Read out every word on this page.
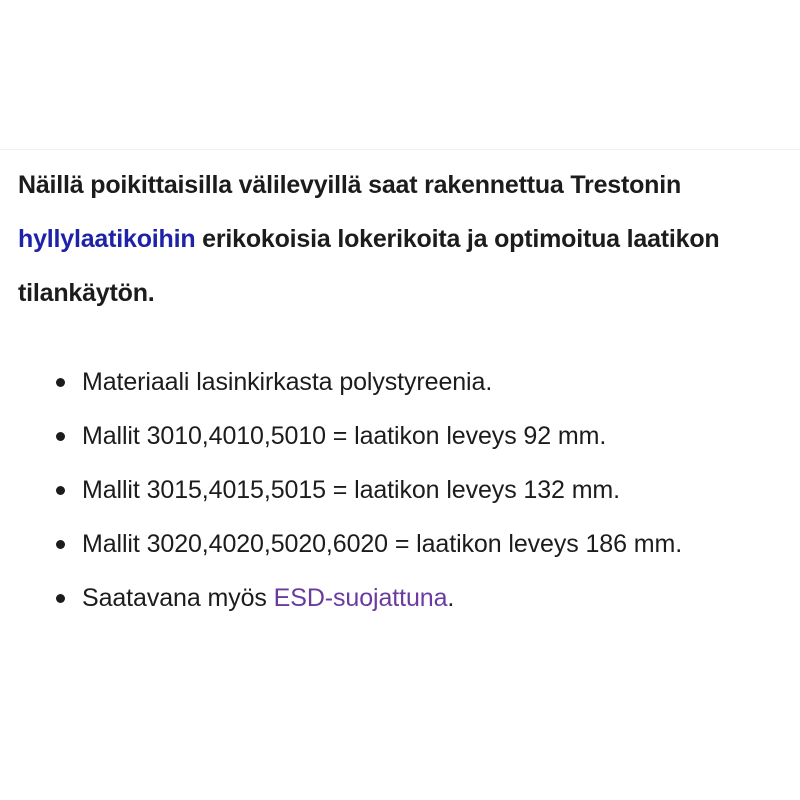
Näillä poikittaisilla välilevyillä saat rakennettua Trestonin hyllylaatikoihin erikokoisia lokerikoita ja optimoitua laatikon tilankäytön.

Materiaali lasinkirkasta polystyreenia.
Mallit 3010,4010,5010 = laatikon leveys 92 mm.
Mallit 3015,4015,5015 = laatikon leveys 132 mm.
Mallit 3020,4020,5020,6020 = laatikon leveys 186 mm.
Saatavana myös ESD-suojattuna.
